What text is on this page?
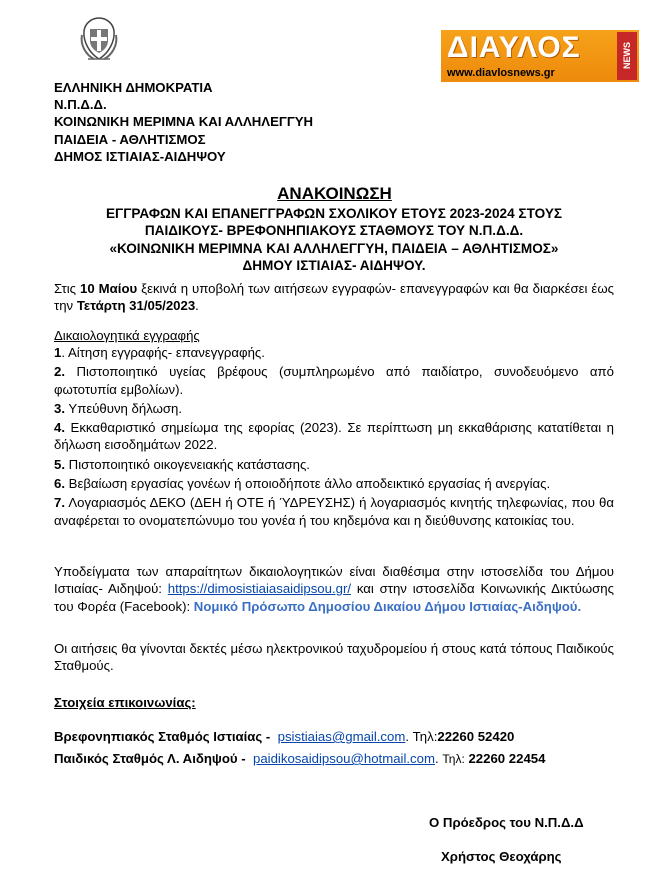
ΔΙΑΥΛΟΣ
www.diavlosnews.gr
NEWS
ΕΛΛΗΝΙΚΗ ΔΗΜΟΚΡΑΤΙΑ
Ν.Π.Δ.Δ.
ΚΟΙΝΩΝΙΚΗ ΜΕΡΙΜΝΑ ΚΑΙ ΑΛΛΗΛΕΓΓΥΗ
ΠΑΙΔΕΙΑ - ΑΘΛΗΤΙΣΜΟΣ
ΔΗΜΟΣ ΙΣΤΙΑΙΑΣ-ΑΙΔΗΨΟΥ
ΑΝΑΚΟΙΝΩΣΗ
ΕΓΓΡΑΦΩΝ ΚΑΙ ΕΠΑΝΕΓΓΡΑΦΩΝ ΣΧΟΛΙΚΟΥ ΕΤΟΥΣ 2023-2024 ΣΤΟΥΣ
ΠΑΙΔΙΚΟΥΣ- ΒΡΕΦΟΝΗΠΙΑΚΟΥΣ ΣΤΑΘΜΟΥΣ ΤΟΥ Ν.Π.Δ.Δ.
«ΚΟΙΝΩΝΙΚΗ ΜΕΡΙΜΝΑ ΚΑΙ ΑΛΛΗΛΕΓΓΥΗ, ΠΑΙΔΕΙΑ – ΑΘΛΗΤΙΣΜΟΣ»
ΔΗΜΟΥ ΙΣΤΙΑΙΑΣ- ΑΙΔΗΨΟΥ.
Στις 10 Μαίου ξεκινά η υποβολή των αιτήσεων εγγραφών- επανεγγραφών και θα διαρκέσει έως την Τετάρτη 31/05/2023.
Δικαιολογητικά εγγραφής
1. Αίτηση εγγραφής- επανεγγραφής.
2. Πιστοποιητικό υγείας βρέφους (συμπληρωμένο από παιδίατρο, συνοδευόμενο από φωτοτυπία εμβολίων).
3. Υπεύθυνη δήλωση.
4. Εκκαθαριστικό σημείωμα της εφορίας (2023). Σε περίπτωση μη εκκαθάρισης κατατίθεται η δήλωση εισοδημάτων 2022.
5. Πιστοποιητικό οικογενειακής κατάστασης.
6. Βεβαίωση εργασίας γονέων ή οποιοδήποτε άλλο αποδεικτικό εργασίας ή ανεργίας.
7. Λογαριασμός ΔΕΚΟ (ΔΕΗ ή ΟΤΕ ή ΎΔΡΕΥΣΗΣ) ή λογαριασμός κινητής τηλεφωνίας, που θα αναφέρεται το ονοματεπώνυμο του γονέα ή του κηδεμόνα και η διεύθυνσης κατοικίας του.
Υποδείγματα των απαραίτητων δικαιολογητικών είναι διαθέσιμα στην ιστοσελίδα του Δήμου Ιστιαίας- Αιδηψού: https://dimosistiaiasaidipsou.gr/ και στην ιστοσελίδα Κοινωνικής Δικτύωσης του Φορέα (Facebook): Νομικό Πρόσωπο Δημοσίου Δικαίου Δήμου Ιστιαίας-Αιδηψού.
Οι αιτήσεις θα γίνονται δεκτές μέσω ηλεκτρονικού ταχυδρομείου ή στους κατά τόπους Παιδικούς Σταθμούς.
Στοιχεία επικοινωνίας:
Βρεφονηπιακός Σταθμός Ιστιαίας - psistiaias@gmail.com. Τηλ:22260 52420
Παιδικός Σταθμός Λ. Αιδηψού - paidikosaidipsou@hotmail.com. Τηλ: 22260 22454
Ο Πρόεδρος του Ν.Π.Δ.Δ
Χρήστος Θεοχάρης
